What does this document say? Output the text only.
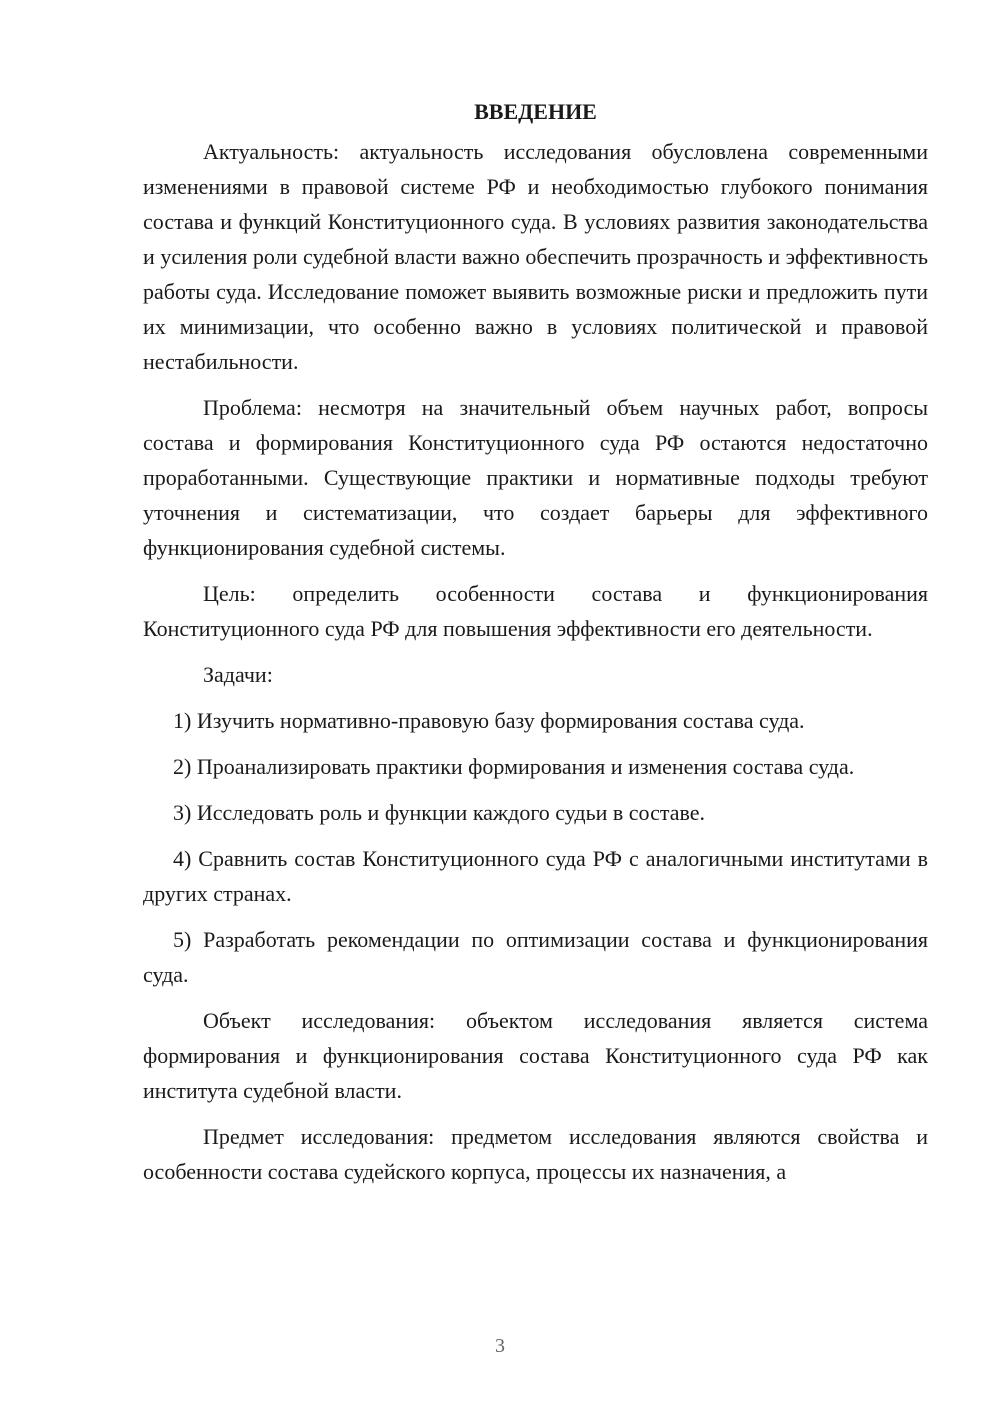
ВВЕДЕНИЕ

Актуальность: актуальность исследования обусловлена современными изменениями в правовой системе РФ и необходимостью глубокого понимания состава и функций Конституционного суда. В условиях развития законодательства и усиления роли судебной власти важно обеспечить прозрачность и эффективность работы суда. Исследование поможет выявить возможные риски и предложить пути их минимизации, что особенно важно в условиях политической и правовой нестабильности.

Проблема: несмотря на значительный объем научных работ, вопросы состава и формирования Конституционного суда РФ остаются недостаточно проработанными. Существующие практики и нормативные подходы требуют уточнения и систематизации, что создает барьеры для эффективного функционирования судебной системы.

Цель: определить особенности состава и функционирования Конституционного суда РФ для повышения эффективности его деятельности.

Задачи:

1) Изучить нормативно-правовую базу формирования состава суда.

2) Проанализировать практики формирования и изменения состава суда.

3) Исследовать роль и функции каждого судьи в составе.

4) Сравнить состав Конституционного суда РФ с аналогичными институтами в других странах.

5) Разработать рекомендации по оптимизации состава и функционирования суда.

Объект исследования: объектом исследования является система формирования и функционирования состава Конституционного суда РФ как института судебной власти.

Предмет исследования: предметом исследования являются свойства и особенности состава судейского корпуса, процессы их назначения, а

3
